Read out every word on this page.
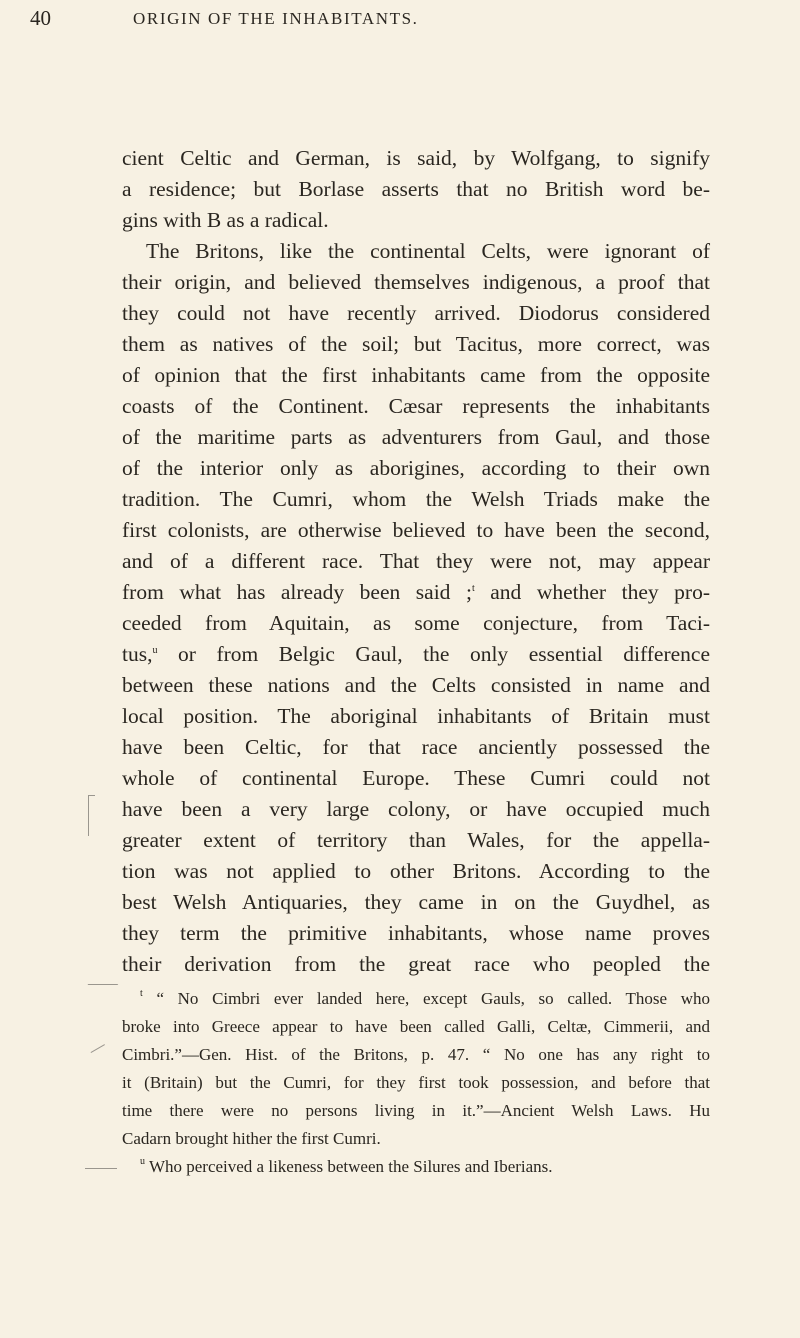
40	ORIGIN OF THE INHABITANTS.
cient Celtic and German, is said, by Wolfgang, to signify
a residence; but Borlase asserts that no British word be-
gins with B as a radical.
The Britons, like the continental Celts, were ignorant of
their origin, and believed themselves indigenous, a proof that
they could not have recently arrived. Diodorus considered
them as natives of the soil; but Tacitus, more correct, was
of opinion that the first inhabitants came from the opposite
coasts of the Continent. Cæsar represents the inhabitants
of the maritime parts as adventurers from Gaul, and those
of the interior only as aborigines, according to their own
tradition. The Cumri, whom the Welsh Triads make the
first colonists, are otherwise believed to have been the second,
and of a different race. That they were not, may appear
from what has already been said ;$^t$ and whether they pro-
ceeded from Aquitain, as some conjecture, from Taci-
tus,$^u$ or from Belgic Gaul, the only essential difference
between these nations and the Celts consisted in name and
local position. The aboriginal inhabitants of Britain must
have been Celtic, for that race anciently possessed the
whole of continental Europe. These Cumri could not
have been a very large colony, or have occupied much
greater extent of territory than Wales, for the appella-
tion was not applied to other Britons. According to the
best Welsh Antiquaries, they came in on the Guydhel, as
they term the primitive inhabitants, whose name proves
their derivation from the great race who peopled the
$^t$ “ No Cimbri ever landed here, except Gauls, so called. Those who
broke into Greece appear to have been called Galli, Celtæ, Cimmerii, and
Cimbri.”—Gen. Hist. of the Britons, p. 47. “ No one has any right to
it (Britain) but the Cumri, for they first took possession, and before that
time there were no persons living in it.”—Ancient Welsh Laws. Hu
Cadarn brought hither the first Cumri.
$^u$ Who perceived a likeness between the Silures and Iberians.
